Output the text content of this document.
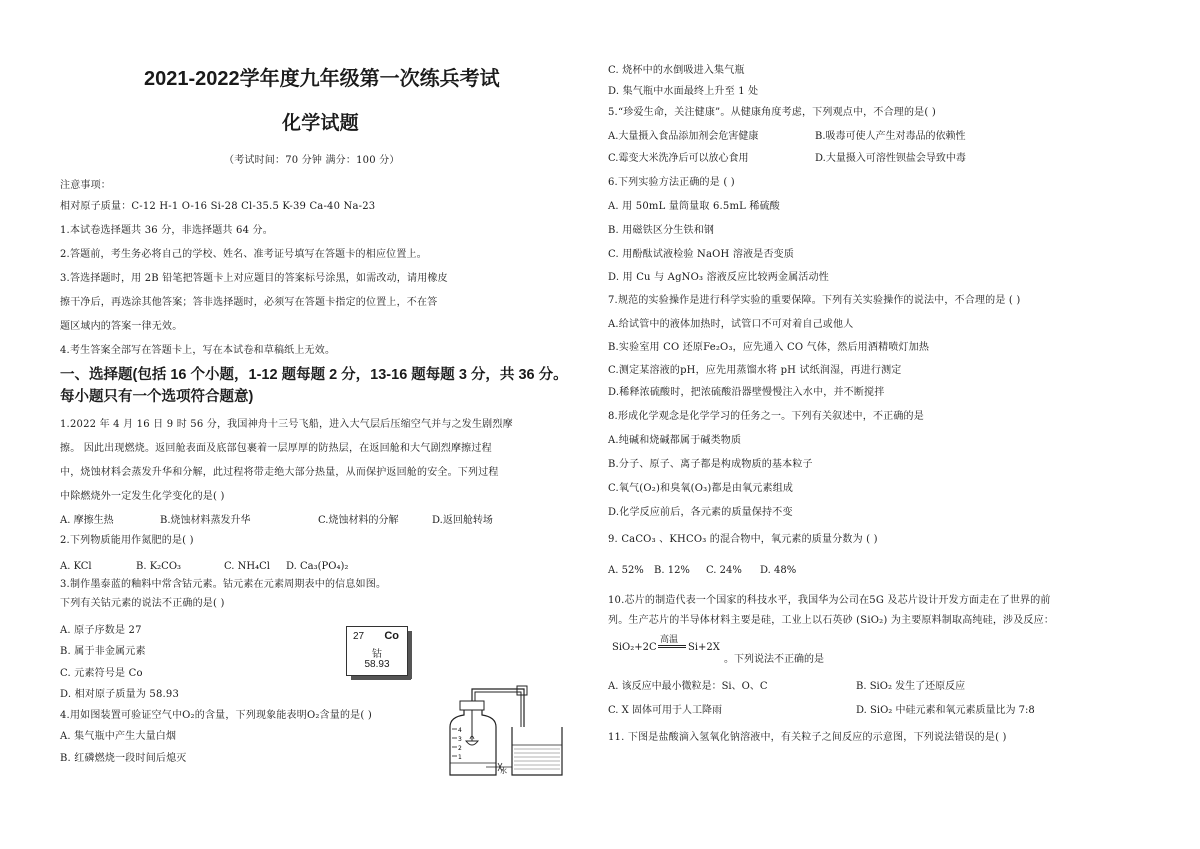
2021-2022学年度九年级第一次练兵考试
化学试题
（考试时间：70 分钟 满分：100 分）
注意事项：
相对原子质量：C-12 H-1 O-16 Si-28 Cl-35.5 K-39 Ca-40 Na-23
1.本试卷选择题共 36 分，非选择题共 64 分。
2.答题前，考生务必将自己的学校、姓名、准考证号填写在答题卡的相应位置上。
3.答选择题时，用 2B 铅笔把答题卡上对应题目的答案标号涂黑，如需改动，请用橡皮
擦干净后，再选涂其他答案；答非选择题时，必须写在答题卡指定的位置上，不在答
题区域内的答案一律无效。
4.考生答案全部写在答题卡上，写在本试卷和草稿纸上无效。
一、选择题(包括 16 个小题，1-12 题每题 2 分，13-16 题每题 3 分，共 36 分。
每小题只有一个选项符合题意)
1.2022 年 4 月 16 日 9 时 56 分，我国神舟十三号飞船，进入大气层后压缩空气并与之发生剧烈摩
擦。 因此出现燃烧。返回舱表面及底部包裹着一层厚厚的防热层，在返回舱和大气剧烈摩擦过程
中，烧蚀材料会蒸发升华和分解，此过程将带走绝大部分热量，从而保护返回舱的安全。下列过程
中除燃烧外一定发生化学变化的是( )
A. 摩擦生热	B.烧蚀材料蒸发升华	C.烧蚀材料的分解	D.返回舱转场
2.下列物质能用作氮肥的是( )
A. KCl	B. K₂CO₃	C. NH₄Cl D. Ca₃(PO₄)₂
3.制作墨泰蓝的釉料中常含钴元素。钴元素在元素周期表中的信息如图。
下列有关钴元素的说法不正确的是( )
A. 原子序数是 27
B. 属于非金属元素
C. 元素符号是 Co
D. 相对原子质量为 58.93
27 Co
钴
58.93
4.用如图装置可验证空气中O₂的含量，下列现象能表明O₂含量的是( )
A. 集气瓶中产生大量白烟
B. 红磷燃烧一段时间后熄灭
4
3
2
1
水
C. 烧杯中的水倒吸进入集气瓶
D. 集气瓶中水面最终上升至 1 处
5.“珍爱生命，关注健康”。从健康角度考虑，下列观点中，不合理的是( )
A.大量摄入食品添加剂会危害健康	B.吸毒可使人产生对毒品的依赖性
C.霉变大米洗净后可以放心食用	D.大量摄入可溶性钡盐会导致中毒
6.下列实验方法正确的是 ( )
A. 用 50mL 量筒量取 6.5mL 稀硫酸
B. 用磁铁区分生铁和钢
C. 用酚酞试液检验 NaOH 溶液是否变质
D. 用 Cu 与 AgNO₃ 溶液反应比较两金属活动性
7.规范的实验操作是进行科学实验的重要保障。下列有关实验操作的说法中，不合理的是 ( )
A.给试管中的液体加热时，试管口不可对着自己或他人
B.实验室用 CO 还原Fe₂O₃，应先通入 CO 气体，然后用酒精喷灯加热
C.测定某溶液的pH，应先用蒸馏水将 pH 试纸润湿，再进行测定
D.稀释浓硫酸时，把浓硫酸沿器壁慢慢注入水中，并不断搅拌
8.形成化学观念是化学学习的任务之一。下列有关叙述中，不正确的是
A.纯碱和烧碱都属于碱类物质
B.分子、原子、离子都是构成物质的基本粒子
C.氧气(O₂)和臭氧(O₃)都是由氧元素组成
D.化学反应前后，各元素的质量保持不变
9. CaCO₃ 、KHCO₃ 的混合物中，氧元素的质量分数为 ( )
A. 52% B. 12% C. 24% D. 48%
10.芯片的制造代表一个国家的科技水平，我国华为公司在5G 及芯片设计开发方面走在了世界的前
列。生产芯片的半导体材料主要是硅，工业上以石英砂 (SiO₂) 为主要原料制取高纯硅，涉及反应：
SiO₂+2C
高温
Si+2X
。下列说法不正确的是
A. 该反应中最小微粒是：Si、O、C	B. SiO₂ 发生了还原反应
C. X 固体可用于人工降雨	D. SiO₂ 中硅元素和氧元素质量比为 7:8
11. 下图是盐酸滴入氢氧化钠溶液中，有关粒子之间反应的示意图，下列说法错误的是( )
